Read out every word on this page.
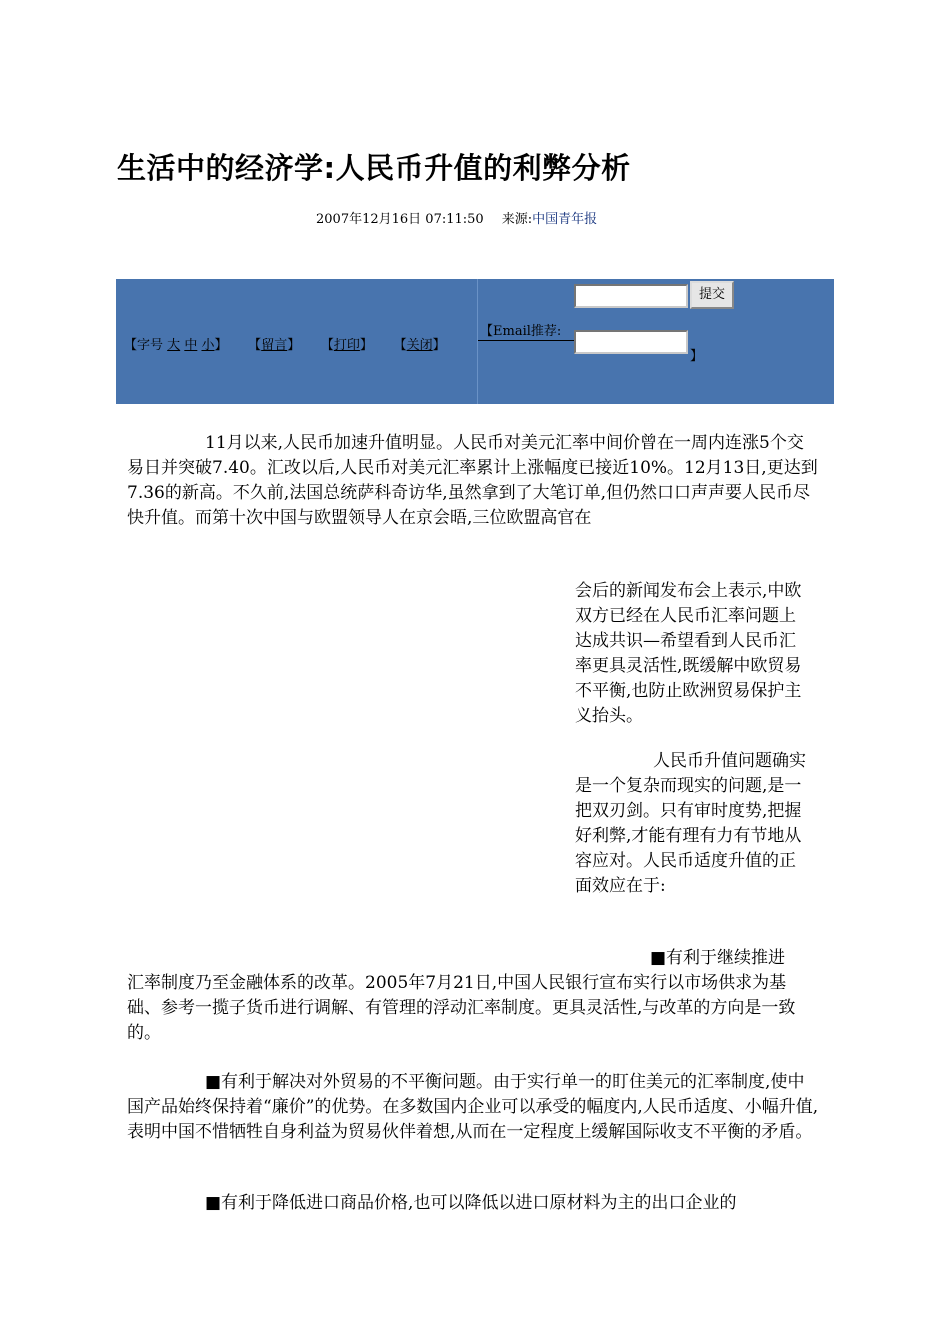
生活中的经济学:人民币升值的利弊分析
2007年12月16日 07:11:50 来源:中国青年报
【字号 大 中 小】 【留言】 【打印】 【关闭】
【Email推荐:
提交
】

11月以来,人民币加速升值明显。人民币对美元汇率中间价曾在一周内连涨5个交易日并突破7.40。汇改以后,人民币对美元汇率累计上涨幅度已接近10%。12月13日,更达到7.36的新高。不久前,法国总统萨科奇访华,虽然拿到了大笔订单,但仍然口口声声要人民币尽快升值。而第十次中国与欧盟领导人在京会晤,三位欧盟高官在

会后的新闻发布会上表示,中欧双方已经在人民币汇率问题上达成共识—希望看到人民币汇率更具灵活性,既缓解中欧贸易不平衡,也防止欧洲贸易保护主义抬头。

人民币升值问题确实是一个复杂而现实的问题,是一把双刃剑。只有审时度势,把握好利弊,才能有理有力有节地从容应对。人民币适度升值的正面效应在于:

■有利于继续推进

汇率制度乃至金融体系的改革。2005年7月21日,中国人民银行宣布实行以市场供求为基础、参考一揽子货币进行调解、有管理的浮动汇率制度。更具灵活性,与改革的方向是一致的。

■有利于解决对外贸易的不平衡问题。由于实行单一的盯住美元的汇率制度,使中国产品始终保持着“廉价”的优势。在多数国内企业可以承受的幅度内,人民币适度、小幅升值,表明中国不惜牺牲自身利益为贸易伙伴着想,从而在一定程度上缓解国际收支不平衡的矛盾。

■有利于降低进口商品价格,也可以降低以进口原材料为主的出口企业的
